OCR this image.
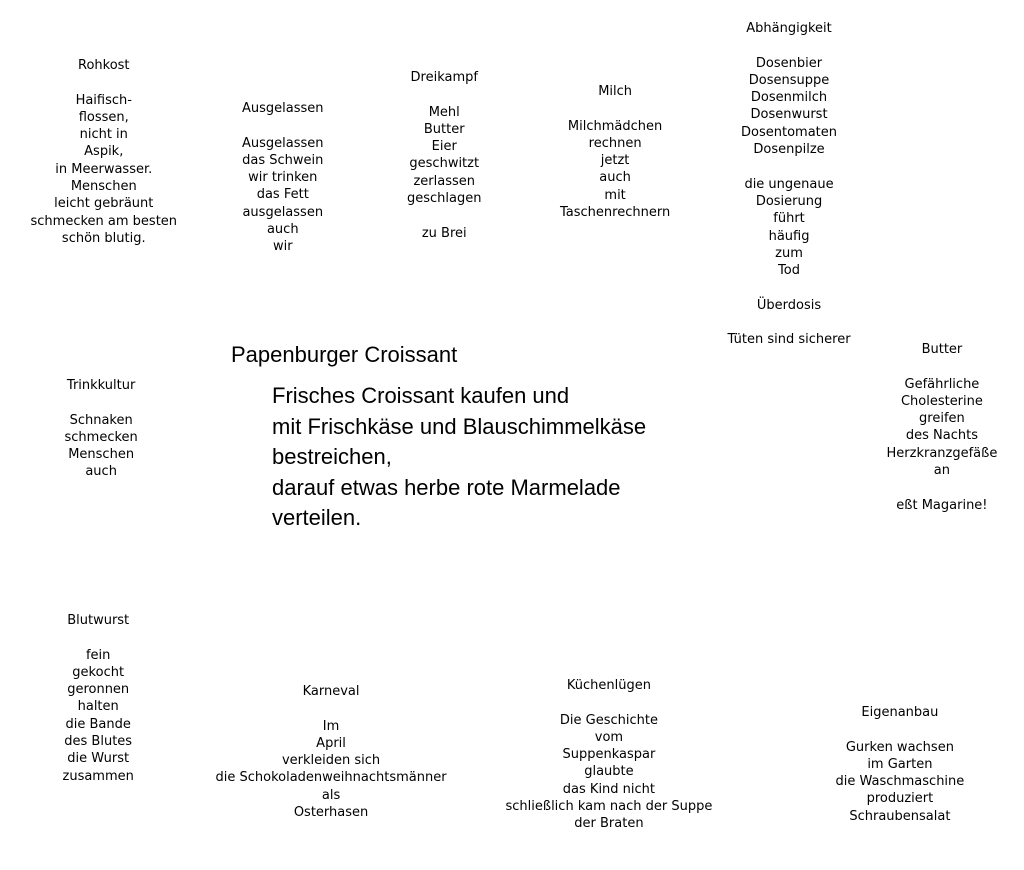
Papenburger Croissant
Frisches Croissant kaufen und
mit Frischkäse und Blauschimmelkäse
bestreichen,
darauf etwas herbe rote Marmelade
verteilen.
Rohkost
Haifisch-
flossen,
nicht in
Aspik,
in Meerwasser.
Menschen
leicht gebräunt
schmecken am besten
schön blutig.
Ausgelassen
Ausgelassen
das Schwein
wir trinken
das Fett
ausgelassen
auch
wir
Dreikampf
Mehl
Butter
Eier
geschwitzt
zerlassen
geschlagen
zu Brei
Milch
Milchmädchen
rechnen
jetzt
auch
mit
Taschenrechnern
Abhängigkeit
Dosenbier
Dosensuppe
Dosenmilch
Dosenwurst
Dosentomaten
Dosenpilze
die ungenaue
Dosierung
führt
häufig
zum
Tod
Überdosis
Tüten sind sicherer
Butter
Gefährliche
Cholesterine
greifen
des Nachts
Herzkranzgefäße
an
eßt Magarine!
Trinkkultur
Schnaken
schmecken
Menschen
auch
Blutwurst
fein
gekocht
geronnen
halten
die Bande
des Blutes
die Wurst
zusammen
Karneval
Im
April
verkleiden sich
die Schokoladenweihnachtsmänner
als
Osterhasen
Küchenlügen
Die Geschichte
vom
Suppenkaspar
glaubte
das Kind nicht
schließlich kam nach der Suppe
der Braten
Eigenanbau
Gurken wachsen
im Garten
die Waschmaschine
produziert
Schraubensalat
